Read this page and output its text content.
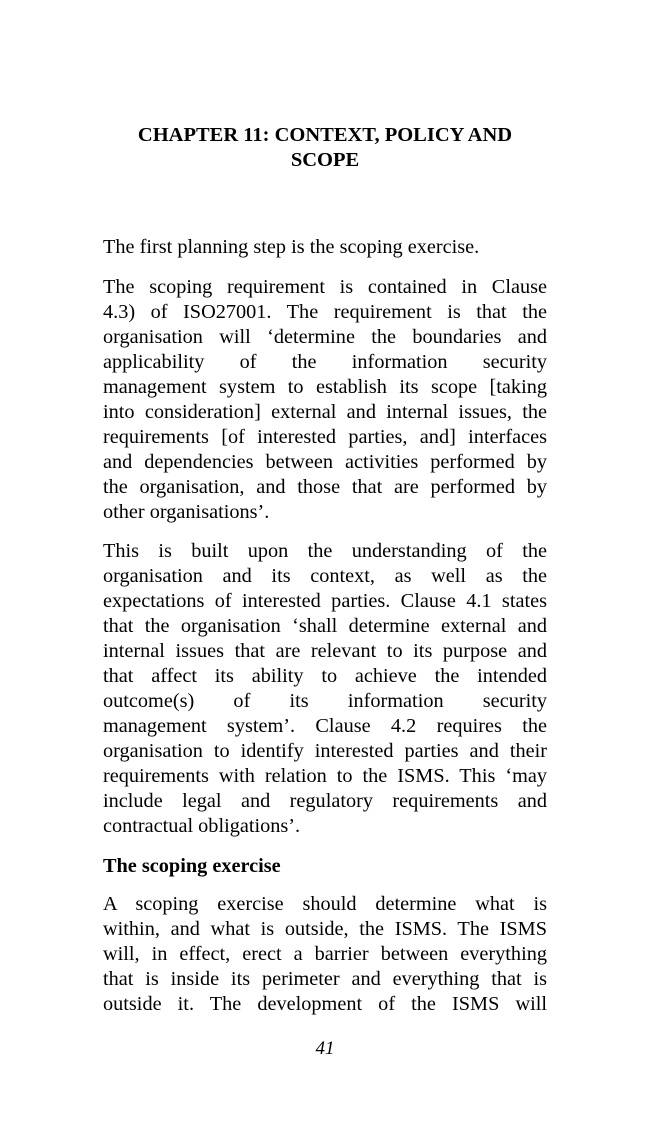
CHAPTER 11: CONTEXT, POLICY AND
SCOPE

The first planning step is the scoping exercise.

The scoping requirement is contained in Clause
4.3) of ISO27001. The requirement is that the
organisation will ‘determine the boundaries and
applicability of the information security
management system to establish its scope [taking
into consideration] external and internal issues, the
requirements [of interested parties, and] interfaces
and dependencies between activities performed by
the organisation, and those that are performed by
other organisations’.

This is built upon the understanding of the
organisation and its context, as well as the
expectations of interested parties. Clause 4.1 states
that the organisation ‘shall determine external and
internal issues that are relevant to its purpose and
that affect its ability to achieve the intended
outcome(s) of its information security
management system’. Clause 4.2 requires the
organisation to identify interested parties and their
requirements with relation to the ISMS. This ‘may
include legal and regulatory requirements and
contractual obligations’.

The scoping exercise

A scoping exercise should determine what is
within, and what is outside, the ISMS. The ISMS
will, in effect, erect a barrier between everything
that is inside its perimeter and everything that is
outside it. The development of the ISMS will

41
